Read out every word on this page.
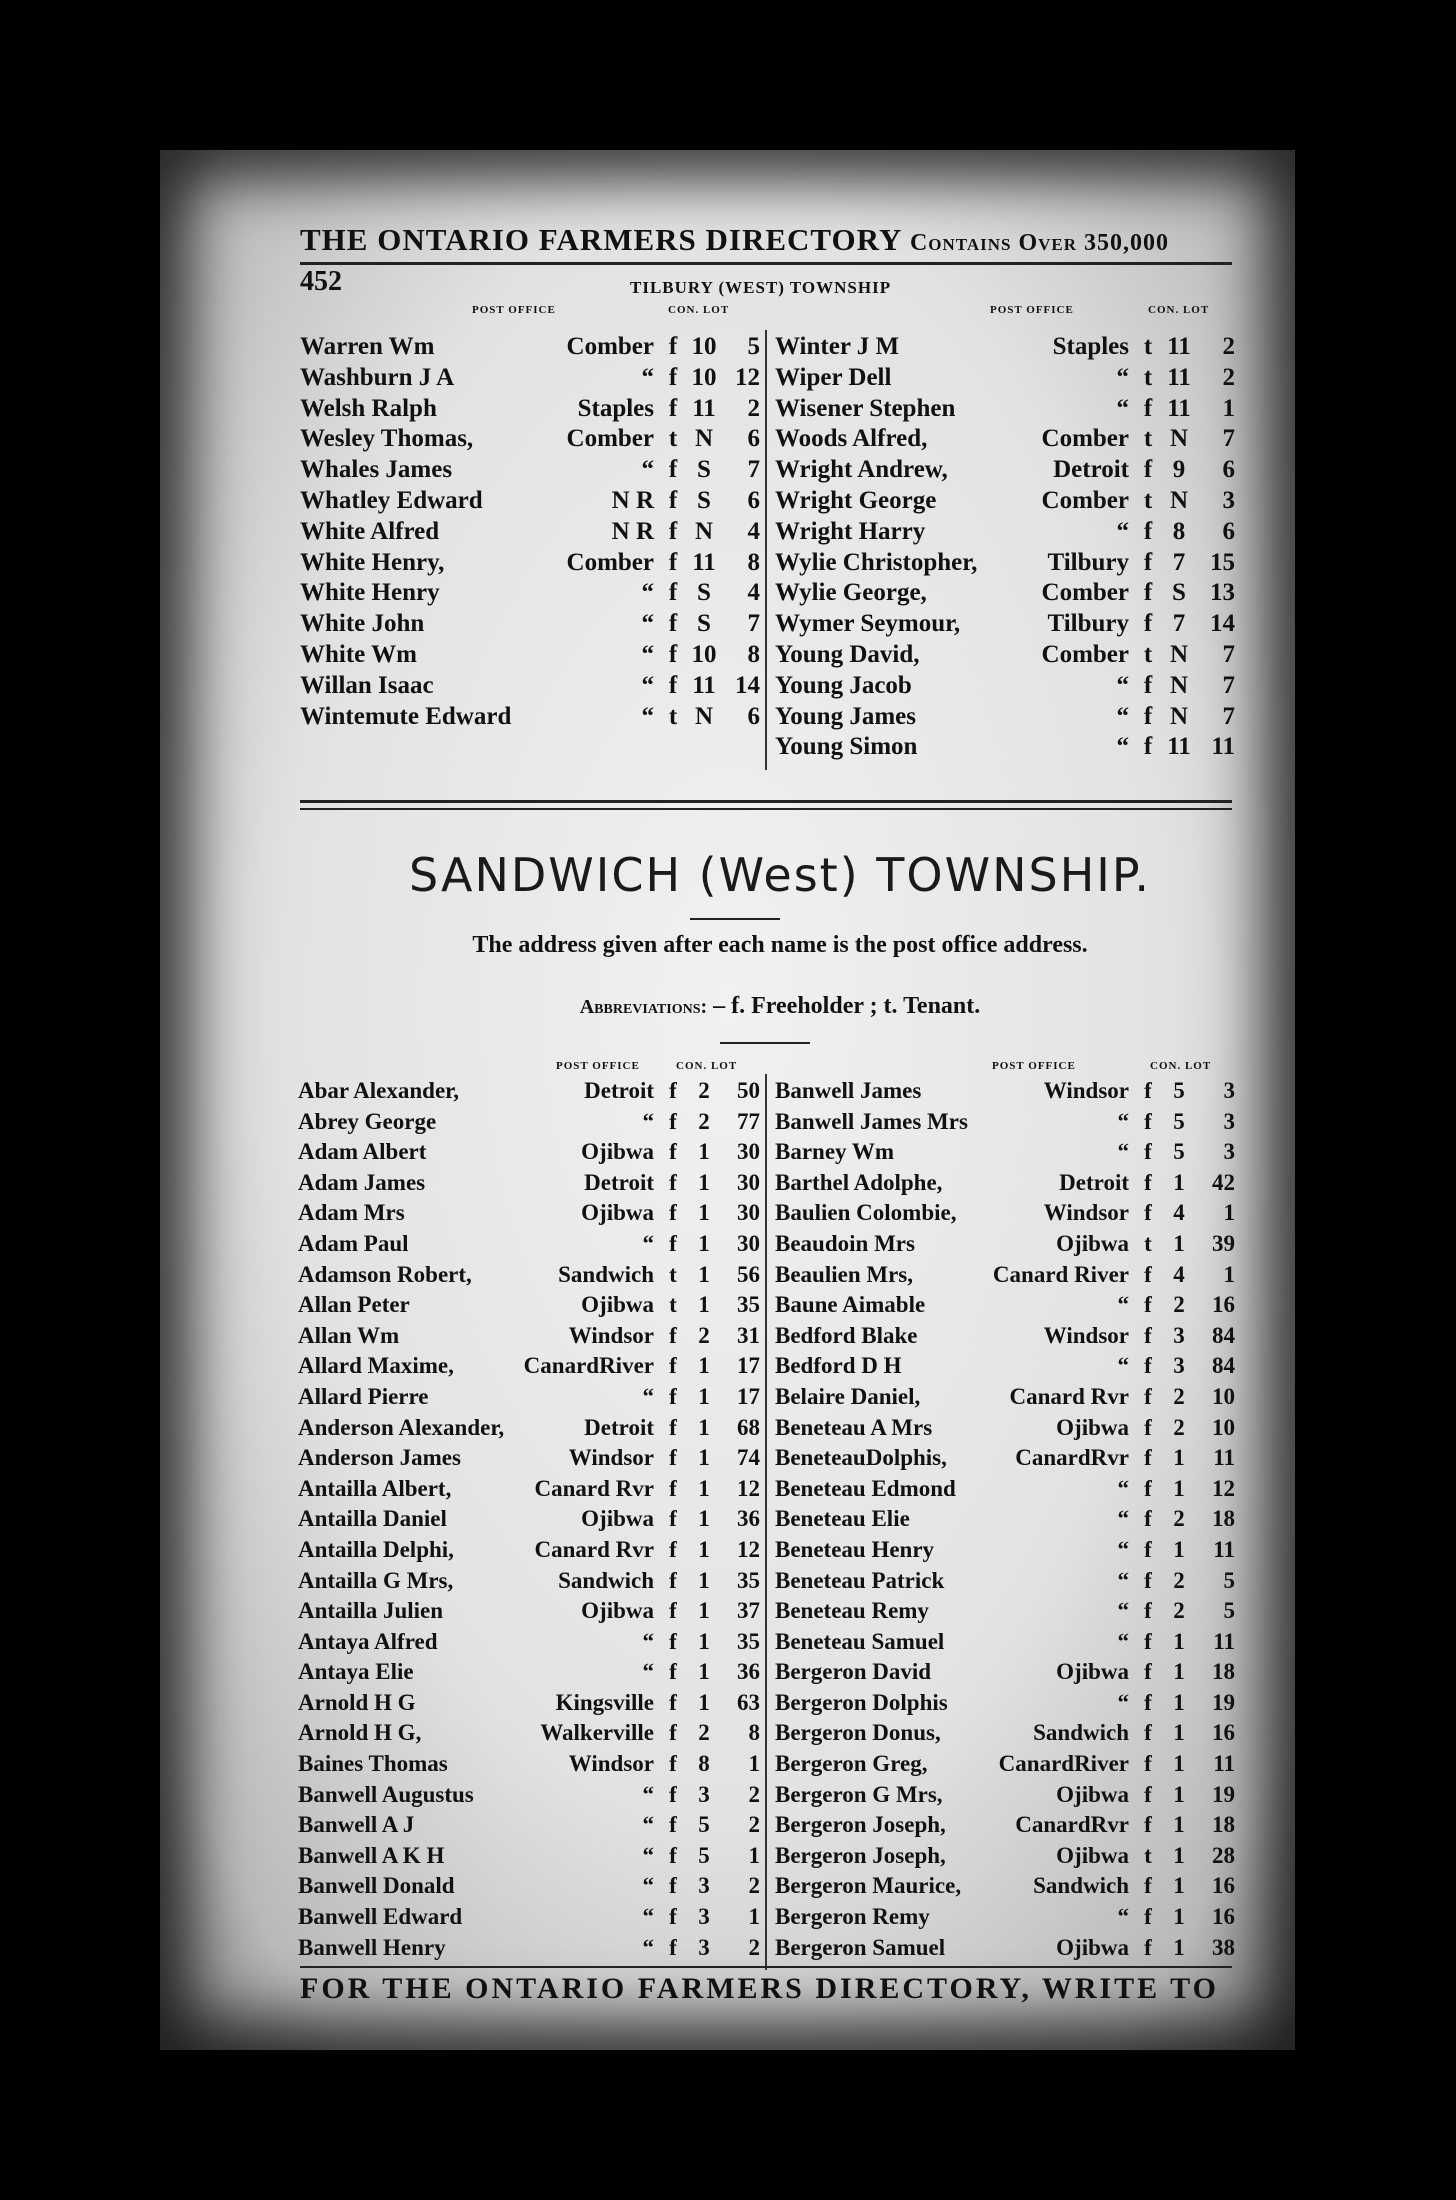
THE ONTARIO FARMERS DIRECTORY Contains Over 350,000
452	TILBURY (WEST) TOWNSHIP
POST OFFICE	CON. LOT	POST OFFICE	CON. LOT
Warren Wm	Comber f 10	5
Washburn J A	“ f 10 12
Welsh Ralph	Staples f 11	2
Wesley Thomas,	Comber t N	6
Whales James	“ f S	7
Whatley Edward	N R f S	6
White Alfred	N R f N	4
White Henry,	Comber f 11	8
White Henry	“ f S	4
White John	“ f S	7
White Wm	“ f 10	8
Willan Isaac	“ f 11 14
Wintemute Edward	“ t N	6
Winter J M	Staples t 11	2
Wiper Dell	“ t 11	2
Wisener Stephen	“ f 11	1
Woods Alfred,	Comber t N	7
Wright Andrew,	Detroit f 9	6
Wright George	Comber t N	3
Wright Harry	“ f 8	6
Wylie Christopher,	Tilbury f 7 15
Wylie George,	Comber f S 13
Wymer Seymour,	Tilbury f 7 14
Young David,	Comber t N	7
Young Jacob	“ f N	7
Young James	“ f N	7
Young Simon	“ f 11 11
SANDWICH (West) TOWNSHIP.
The address given after each name is the post office address.
Abbreviations: – f. Freeholder ; t. Tenant.
POST OFFICE	CON. LOT	POST OFFICE	CON. LOT
Abar Alexander,	Detroit f 2	50
Abrey George	“ f 2	77
Adam Albert	Ojibwa f 1	30
Adam James	Detroit f 1	30
Adam Mrs	Ojibwa f 1	30
Adam Paul	“ f 1	30
Adamson Robert,	Sandwich t 1	56
Allan Peter	Ojibwa t 1	35
Allan Wm	Windsor f 2	31
Allard Maxime,	CanardRiver f 1	17
Allard Pierre	“ f 1	17
Anderson Alexander,	Detroit f 1	68
Anderson James	Windsor f 1	74
Antailla Albert,	Canard Rvr f 1	12
Antailla Daniel	Ojibwa f 1	36
Antailla Delphi,	Canard Rvr f 1	12
Antailla G Mrs,	Sandwich f 1	35
Antailla Julien	Ojibwa f 1	37
Antaya Alfred	“ f 1	35
Antaya Elie	“ f 1	36
Arnold H G	Kingsville f 1	63
Arnold H G,	Walkerville f 2	8
Baines Thomas	Windsor f 8	1
Banwell Augustus	“ f 3	2
Banwell A J	“ f 5	2
Banwell A K H	“ f 5	1
Banwell Donald	“ f 3	2
Banwell Edward	“ f 3	1
Banwell Henry	“ f 3	2
Banwell James	Windsor f 5	3
Banwell James Mrs	“ f 5	3
Barney Wm	“ f 5	3
Barthel Adolphe,	Detroit f 1	42
Baulien Colombie,	Windsor f 4	1
Beaudoin Mrs	Ojibwa t 1	39
Beaulien Mrs,	Canard River f 4	1
Baune Aimable	“ f 2	16
Bedford Blake	Windsor f 3	84
Bedford D H	“ f 3	84
Belaire Daniel,	Canard Rvr f 2	10
Beneteau A Mrs	Ojibwa f 2	10
BeneteauDolphis,	CanardRvr f 1	11
Beneteau Edmond	“ f 1	12
Beneteau Elie	“ f 2	18
Beneteau Henry	“ f 1	11
Beneteau Patrick	“ f 2	5
Beneteau Remy	“ f 2	5
Beneteau Samuel	“ f 1	11
Bergeron David	Ojibwa f 1	18
Bergeron Dolphis	“ f 1	19
Bergeron Donus,	Sandwich f 1	16
Bergeron Greg,	CanardRiver f 1	11
Bergeron G Mrs,	Ojibwa f 1	19
Bergeron Joseph,	CanardRvr f 1	18
Bergeron Joseph,	Ojibwa t 1	28
Bergeron Maurice,	Sandwich f 1	16
Bergeron Remy	“ f 1	16
Bergeron Samuel	Ojibwa f 1	38
FOR THE ONTARIO FARMERS DIRECTORY, WRITE TO
